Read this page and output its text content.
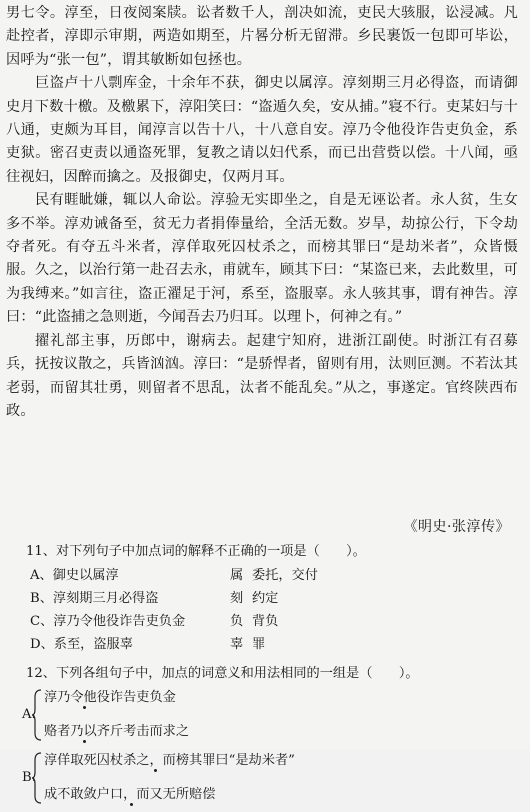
男七令。淳至，日夜阅案牍。讼者数千人，剖决如流，吏民大骇服，讼浸减。凡赴控者，淳即示审期，两造如期至，片晷分析无留滞。乡民裹饭一包即可毕讼，因呼为“张一包”，谓其敏断如包拯也。

巨盗卢十八剽库金，十余年不获，御史以属淳。淳刻期三月必得盗，而请御史月下数十檄。及檄累下，淳阳笑曰：“盗遁久矣，安从捕。”寝不行。吏某妇与十八通，吏颇为耳目，闻淳言以告十八，十八意自安。淳乃令他役诈告吏负金，系吏狱。密召吏责以通盗死罪，复教之请以妇代系，而已出营赀以偿。十八闻，亟往视妇，因醉而擒之。及报御史，仅两月耳。

民有睚眦嫌，辄以人命讼。淳验无实即坐之，自是无诬讼者。永人贫，生女多不举。淳劝诫备至，贫无力者捐俸量给，全活无数。岁旱，劫掠公行，下令劫夺者死。有夺五斗米者，淳佯取死囚杖杀之，而榜其罪曰“是劫米者”，众皆慑服。久之，以治行第一赴召去永，甫就车，顾其下曰：“某盗已来，去此数里，可为我缚来。”如言往，盗正濯足于河，系至，盗服辜。永人骇其事，谓有神告。淳曰：“此盗捕之急则逝，今闻吾去乃归耳。以理卜，何神之有。”

擢礼部主事，历郎中，谢病去。起建宁知府，进浙江副使。时浙江有召募兵，抚按议散之，兵皆汹汹。淳曰：“是骄悍者，留则有用，汰则叵测。不若汰其老弱，而留其壮勇，则留者不思乱，汰者不能乱矣。”从之，事遂定。官终陕西布政。

《明史·张淳传》
11、对下列句子中加点词的解释不正确的一项是（　　）。
A、御史以属淳	属 委托，交付
B、淳刻期三月必得盗	刻 约定
C、淳乃令他役诈告吏负金	负 背负
D、系至，盗服辜	辜 罪
12、下列各组句子中，加点的词意义和用法相同的一组是（　　）。
A.
淳乃令他役诈告吏负金
赂者乃以齐斤考击而求之
B.
淳佯取死囚杖杀之，而榜其罪曰“是劫米者”
成不敢敛户口，而又无所赔偿
